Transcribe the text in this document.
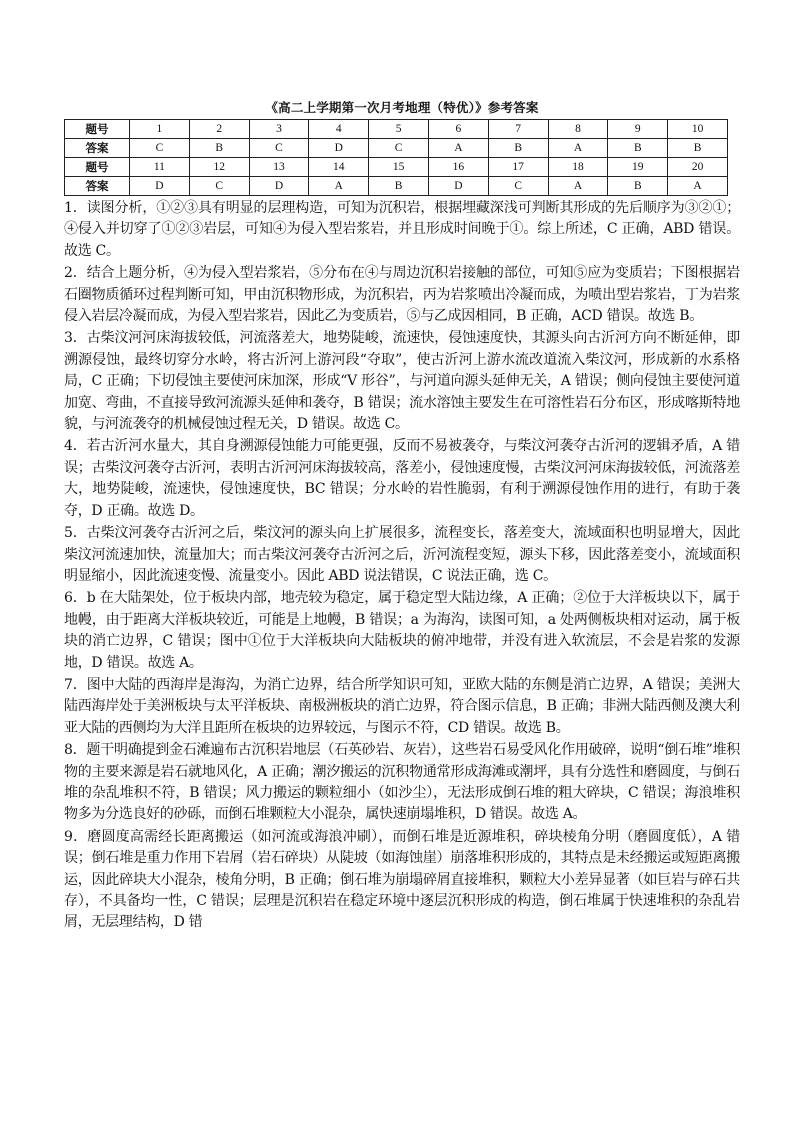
《高二上学期第一次月考地理（特优）》参考答案
题号	1	2	3	4	5	6	7	8	9	10
答案	C	B	C	D	C	A	B	A	B	B
题号	11	12	13	14	15	16	17	18	19	20
答案	D	C	D	A	B	D	C	A	B	A

1．读图分析，①②③具有明显的层理构造，可知为沉积岩，根据埋藏深浅可判断其形成的先后顺序为③②①；④侵入并切穿了①②③岩层，可知④为侵入型岩浆岩，并且形成时间晚于①。综上所述，C 正确，ABD 错误。故选 C。

2．结合上题分析，④为侵入型岩浆岩，⑤分布在④与周边沉积岩接触的部位，可知⑤应为变质岩；下图根据岩石圈物质循环过程判断可知，甲由沉积物形成，为沉积岩，丙为岩浆喷出冷凝而成，为喷出型岩浆岩，丁为岩浆侵入岩层冷凝而成，为侵入型岩浆岩，因此乙为变质岩，⑤与乙成因相同，B 正确，ACD 错误。故选 B。

3．古柴汶河河床海拔较低，河流落差大，地势陡峻，流速快，侵蚀速度快，其源头向古沂河方向不断延伸，即溯源侵蚀，最终切穿分水岭，将古沂河上游河段“夺取”，使古沂河上游水流改道流入柴汶河，形成新的水系格局，C 正确；下切侵蚀主要使河床加深，形成“V 形谷”，与河道向源头延伸无关，A 错误；侧向侵蚀主要使河道加宽、弯曲，不直接导致河流源头延伸和袭夺，B 错误；流水溶蚀主要发生在可溶性岩石分布区，形成喀斯特地貌，与河流袭夺的机械侵蚀过程无关，D 错误。故选 C。

4．若古沂河水量大，其自身溯源侵蚀能力可能更强，反而不易被袭夺，与柴汶河袭夺古沂河的逻辑矛盾，A 错误；古柴汶河袭夺古沂河，表明古沂河河床海拔较高，落差小，侵蚀速度慢，古柴汶河河床海拔较低，河流落差大，地势陡峻，流速快，侵蚀速度快，BC 错误；分水岭的岩性脆弱，有利于溯源侵蚀作用的进行，有助于袭夺，D 正确。故选 D。

5．古柴汶河袭夺古沂河之后，柴汶河的源头向上扩展很多，流程变长，落差变大，流域面积也明显增大，因此柴汶河流速加快，流量加大；而古柴汶河袭夺古沂河之后，沂河流程变短，源头下移，因此落差变小，流域面积明显缩小，因此流速变慢、流量变小。因此 ABD 说法错误，C 说法正确，选 C。

6．b 在大陆架处，位于板块内部，地壳较为稳定，属于稳定型大陆边缘，A 正确；②位于大洋板块以下，属于地幔，由于距离大洋板块较近，可能是上地幔，B 错误；a 为海沟，读图可知，a 处两侧板块相对运动，属于板块的消亡边界，C 错误；图中①位于大洋板块向大陆板块的俯冲地带，并没有进入软流层，不会是岩浆的发源地，D 错误。故选 A。

7．图中大陆的西海岸是海沟，为消亡边界，结合所学知识可知，亚欧大陆的东侧是消亡边界，A 错误；美洲大陆西海岸处于美洲板块与太平洋板块、南极洲板块的消亡边界，符合图示信息，B 正确；非洲大陆西侧及澳大利亚大陆的西侧均为大洋且距所在板块的边界较远，与图示不符，CD 错误。故选 B。

8．题干明确提到金石滩遍布古沉积岩地层（石英砂岩、灰岩），这些岩石易受风化作用破碎，说明“倒石堆”堆积物的主要来源是岩石就地风化，A 正确；潮汐搬运的沉积物通常形成海滩或潮坪，具有分选性和磨圆度，与倒石堆的杂乱堆积不符，B 错误；风力搬运的颗粒细小（如沙尘），无法形成倒石堆的粗大碎块，C 错误；海浪堆积物多为分选良好的砂砾，而倒石堆颗粒大小混杂，属快速崩塌堆积，D 错误。故选 A。

9．磨圆度高需经长距离搬运（如河流或海浪冲刷），而倒石堆是近源堆积，碎块棱角分明（磨圆度低），A 错误；倒石堆是重力作用下岩屑（岩石碎块）从陡坡（如海蚀崖）崩落堆积形成的，其特点是未经搬运或短距离搬运，因此碎块大小混杂，棱角分明，B 正确；倒石堆为崩塌碎屑直接堆积，颗粒大小差异显著（如巨岩与碎石共存），不具备均一性，C 错误；层理是沉积岩在稳定环境中逐层沉积形成的构造，倒石堆属于快速堆积的杂乱岩屑，无层理结构，D 错
